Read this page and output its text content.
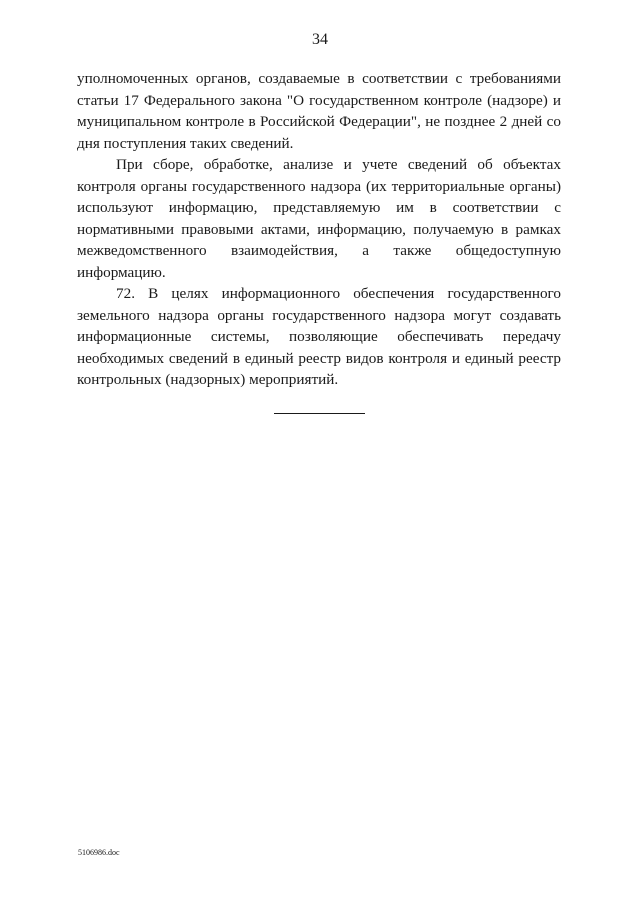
34

уполномоченных органов, создаваемые в соответствии с требованиями статьи 17 Федерального закона "О государственном контроле (надзоре) и муниципальном контроле в Российской Федерации", не позднее 2 дней со дня поступления таких сведений.

При сборе, обработке, анализе и учете сведений об объектах контроля органы государственного надзора (их территориальные органы) используют информацию, представляемую им в соответствии с нормативными правовыми актами, информацию, получаемую в рамках межведомственного взаимодействия, а также общедоступную информацию.

72. В целях информационного обеспечения государственного земельного надзора органы государственного надзора могут создавать информационные системы, позволяющие обеспечивать передачу необходимых сведений в единый реестр видов контроля и единый реестр контрольных (надзорных) мероприятий.

5106986.doc
